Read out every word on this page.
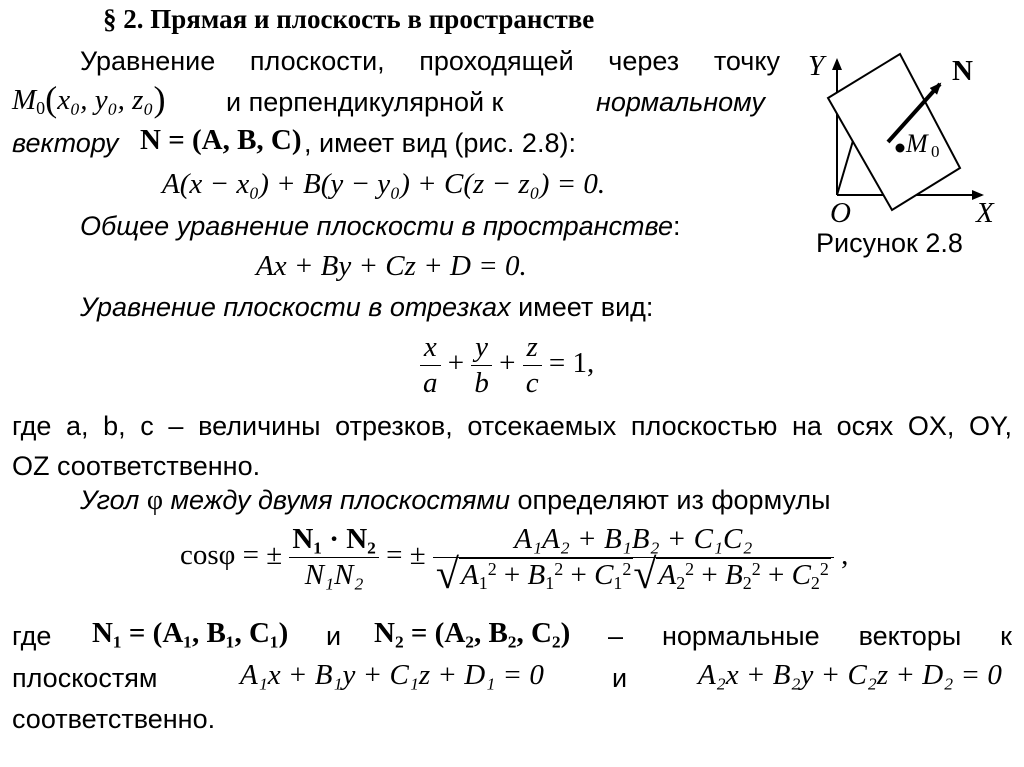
§ 2. Прямая и плоскость в пространстве
Уравнение плоскости, проходящей через точку
$M_0(x_0$, y₀, z₀) и перпендикулярной к	нормальному
вектору N = (A, B, C) , имеет вид (рис. 2.8):
A(x − x₀) + B(y − y₀) + C(z − z₀) = 0.
Общее уравнение плоскости в пространстве:
Ax + By + Cz + D = 0.
Уравнение плоскости в отрезках имеет вид:
$\frac{x}{a} + \frac{y}{b} + \frac{z}{c} = 1$,
где a, b, c – величины отрезков, отсекаемых плоскостью на осях OX, OY,
OZ соответственно.
Угол φ между двумя плоскостями определяют из формулы
cosφ = ± $\frac{\text{N₁ · N₂}}{\text{N₁N₂}}$ = ± $\frac{\text{A₁A₂ + B₁B₂ + C₁C₂}}{√A_1^2 + B_1^2 + C_1^2√A_2^2 + B_2^2 + C_2^2}$ ,
где N₁ = (A₁, B₁, C₁) и N₂ = (A₂, B₂, C₂) – нормальные векторы к
плоскостям	A₁x + B₁y + C₁z + D₁ = 0	и A₂x + B₂y + C₂z + D₂ = 0
соответственно.
Y
X
O
N
M 0
Рисунок 2.8
